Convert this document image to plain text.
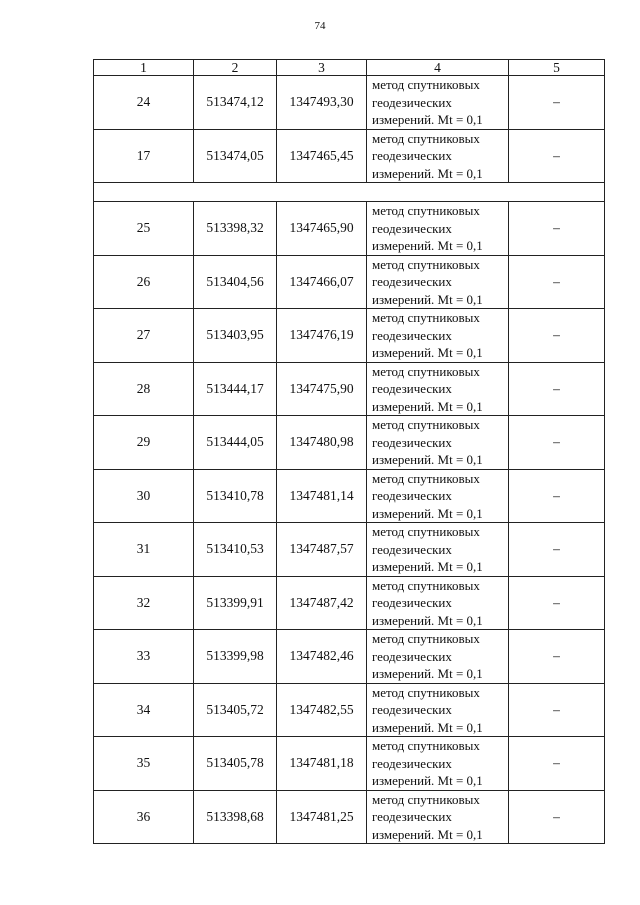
74
1	2	3	4	5
24	513474,12	1347493,30	метод спутниковых
геодезических
измерений. Mt = 0,1	–
17	513474,05	1347465,45	метод спутниковых
геодезических
измерений. Mt = 0,1	–

25	513398,32	1347465,90	метод спутниковых
геодезических
измерений. Mt = 0,1	–
26	513404,56	1347466,07	метод спутниковых
геодезических
измерений. Mt = 0,1	–
27	513403,95	1347476,19	метод спутниковых
геодезических
измерений. Mt = 0,1	–
28	513444,17	1347475,90	метод спутниковых
геодезических
измерений. Mt = 0,1	–
29	513444,05	1347480,98	метод спутниковых
геодезических
измерений. Mt = 0,1	–
30	513410,78	1347481,14	метод спутниковых
геодезических
измерений. Mt = 0,1	–
31	513410,53	1347487,57	метод спутниковых
геодезических
измерений. Mt = 0,1	–
32	513399,91	1347487,42	метод спутниковых
геодезических
измерений. Mt = 0,1	–
33	513399,98	1347482,46	метод спутниковых
геодезических
измерений. Mt = 0,1	–
34	513405,72	1347482,55	метод спутниковых
геодезических
измерений. Mt = 0,1	–
35	513405,78	1347481,18	метод спутниковых
геодезических
измерений. Mt = 0,1	–
36	513398,68	1347481,25	метод спутниковых
геодезических
измерений. Mt = 0,1	–
